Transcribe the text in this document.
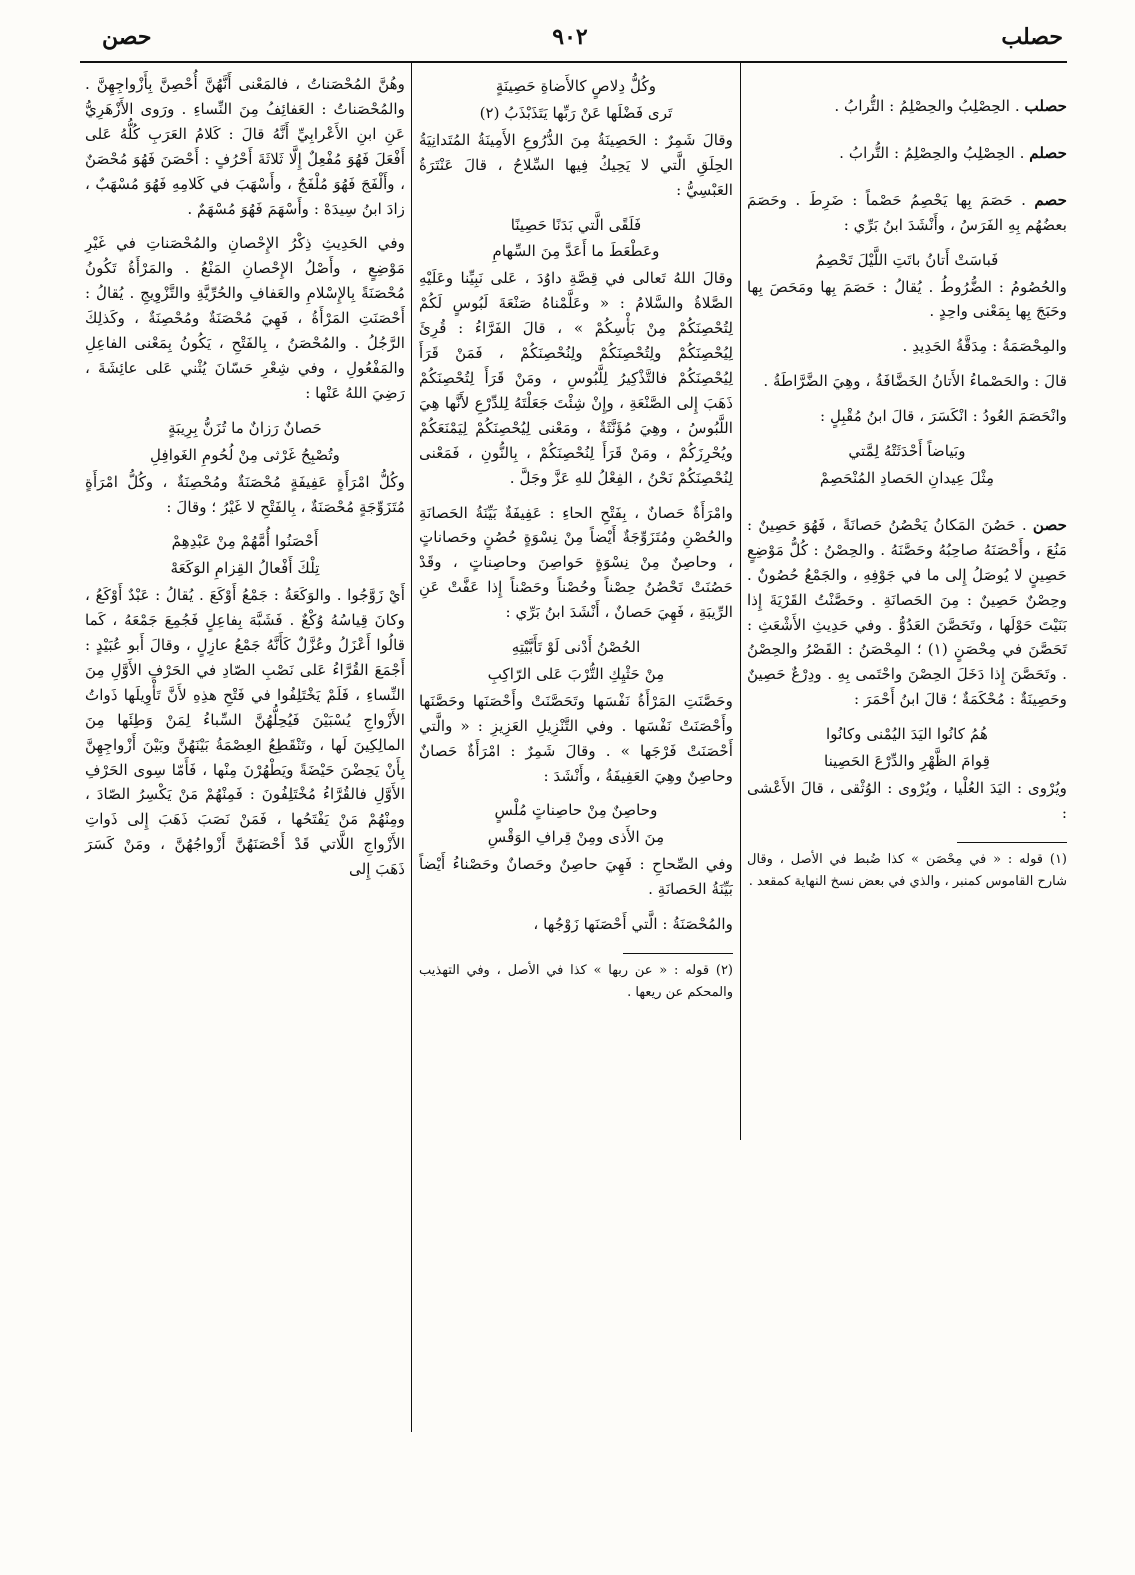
حصلب
٩٠٢
حصن
حصلب . الحِصْلِبُ والحِصْلِمُ : التُّرابُ .
حصلم . الحِصْلِبُ والحِصْلِمُ : التُّرابُ .
حصم . حَصَمَ بِها يَحْصِمُ حَصْماً : ضَرِطَ . وحَصَمَ بعضُهُم بِهِ الفَرَسُ ، وأَنْشَدَ ابنُ بَرِّي :
فَباسَتْ أَتانُ باتَتِ اللَّيْلَ تَحْصِمُ
والحُصُومُ : الضُّرُوطُ . يُقالُ : حَصَمَ بِها ومَحَصَ بِها وحَبَجَ بِها بِمَعْنى واحِدٍ .
والمِحْصَمَةُ : مِدَقَّةُ الحَدِيدِ .
قالَ : والحَصْماءُ الأَتانُ الخَضَّافَةُ ، وهِيَ الضَّرَّاطَةُ .
وانْحَصَمَ العُودُ : انْكَسَرَ ، قالَ ابنُ مُقْبِلٍ :
وبَياضاً أَحْدَثَتْهُ لِمَّتي
مِثْلَ عِيدانِ الحَصادِ المُنْحَصِمْ
حصن . حَصُنَ المَكانُ يَحْصُنُ حَصانَةً ، فَهُوَ حَصِينٌ : مَنُعَ ، وأَحْصَنَهُ صاحِبُهُ وحَصَّنَهُ . والحِصْنُ : كُلُّ مَوْضِعٍ حَصِينٍ لا يُوصَلُ إِلى ما في جَوْفِهِ ، والجَمْعُ حُصُونٌ . وحِصْنٌ حَصِينٌ : مِنَ الحَصانَةِ . وحَصَّنْتُ القَرْيَةَ إِذا بَنَيْتَ حَوْلَها ، وتَحَصَّنَ العَدُوُّ . وفي حَدِيثِ الأَشْعَثِ : تَحَصَّنَ في مِحْصَنٍ (١) ؛ المِحْصَنُ : القَصْرُ والحِصْنُ . وتَحَصَّنَ إِذا دَخَلَ الحِصْنَ واحْتَمى بِهِ . ودِرْعٌ حَصِينٌ وحَصِينَةٌ : مُحْكَمَةٌ ؛ قالَ ابنُ أَحْمَرَ :
هُمُ كانُوا اليَدَ اليُمْنى وكانُوا
قِوامَ الظَّهْرِ والدِّرْعَ الحَصِينا
ويُرْوى : اليَدَ العُلْيا ، ويُرْوى : الوُثْقى ، قالَ الأَعْشى :
(١) قوله : « في مِحْصَن » كذا ضُبط في الأصل ، وقال شارح القاموس كمنبر ، والذي في بعض نسخ النهاية كمقعد .
وكُلُّ دِلاصٍ كالأَضاةِ حَصِينَةٍ
تَرى فَضْلَها عَنْ رَبِّها يَتَذَبْذَبُ (٢)
وقالَ شَمِرٌ : الحَصِينَةُ مِنَ الدُّرُوعِ الأَمِينَةُ المُتَدانِيَةُ الحِلَقِ الَّتي لا يَحِيكُ فِيها السِّلاحُ ، قالَ عَنْتَرَةُ العَبْسِيُّ :
فَلَقًى الَّتي بَدَنًا حَصِينًا
وعَطْعَطَ ما أَعَدَّ مِنَ السِّهامِ
وقالَ اللهُ تَعالى في قِصَّةِ داوُدَ ، عَلى نَبِيِّنا وعَلَيْهِ الصَّلاةُ والسَّلامُ : « وعَلَّمْناهُ صَنْعَةَ لَبُوسٍ لَكُمْ لِتُحْصِنَكُمْ مِنْ بَأْسِكُمْ » ، قالَ الفَرَّاءُ : قُرِئَ لِيُحْصِنَكُمْ ولِتُحْصِنَكُمْ ولِنُحْصِنَكُمْ ، فَمَنْ قَرَأَ لِيُحْصِنَكُمْ فالتَّذْكِيرُ لِلَّبُوسِ ، ومَنْ قَرَأَ لِتُحْصِنَكُمْ ذَهَبَ إِلى الصَّنْعَةِ ، وإِنْ شِئْتَ جَعَلْتَهُ لِلدِّرْعِ لأَنَّها هِيَ اللَّبُوسُ ، وهِيَ مُؤَنَّثَةٌ ، ومَعْنى لِيُحْصِنَكُمْ لِيَمْنَعَكُمْ ويُحْرِزَكُمْ ، ومَنْ قَرَأَ لِنُحْصِنَكُمْ ، بِالنُّونِ ، فَمَعْنى لِنُحْصِنَكُمْ نَحْنُ ، الفِعْلُ للهِ عَزَّ وجَلَّ .
وامْرَأَةٌ حَصانٌ ، بِفَتْحِ الحاءِ : عَفِيفَةٌ بَيِّنَةُ الحَصانَةِ والحُصْنِ ومُتَزَوِّجَةٌ أَيْضاً مِنْ نِسْوَةٍ حُصُنٍ وحَصاناتٍ ، وحاصِنٌ مِنْ نِسْوَةٍ حَواصِنَ وحاصِناتٍ ، وقَدْ حَصُنَتْ تَحْصُنُ حِصْناً وحُصْناً وحَصْناً إِذا عَفَّتْ عَنِ الرِّيبَةِ ، فَهِيَ حَصانٌ ، أَنْشَدَ ابنُ بَرِّي :
الحُصْنُ أَدْنى لَوْ تَأَبَّيْتِهِ
مِنْ حَثْيِكِ التُّرْبَ عَلى الرّاكِبِ
وحَصَّنَتِ المَرْأَةُ نَفْسَها وتَحَصَّنَتْ وأَحْصَنَها وحَصَّنَها وأَحْصَنَتْ نَفْسَها . وفي التَّنْزِيلِ العَزِيزِ : « والَّتي أَحْصَنَتْ فَرْجَها » . وقالَ شَمِرٌ : امْرَأَةٌ حَصانٌ وحاصِنٌ وهِيَ العَفِيفَةُ ، وأَنْشَدَ :
وحاصِنٌ مِنْ حاصِناتٍ مُلْسٍ
مِنَ الأَذى ومِنْ قِرافِ الوَقْسِ
وفي الصِّحاحِ : فَهِيَ حاصِنٌ وحَصانٌ وحَصْناءُ أَيْضاً بَيِّنَةُ الحَصانَةِ .
والمُحْصَنَةُ : الَّتي أَحْصَنَها زَوْجُها ،
(٢) قوله : « عن ربها » كذا في الأصل ، وفي التهذيب والمحكم عن ريعها .
وهُنَّ المُحْصَناتُ ، فالمَعْنى أَنَّهُنَّ أُحْصِنَّ بِأَزْواجِهِنَّ . والمُحْصَناتُ : العَفائِفُ مِنَ النِّساءِ . ورَوى الأَزْهَرِيُّ عَنِ ابنِ الأَعْرابِيِّ أَنَّهُ قالَ : كَلامُ العَرَبِ كُلُّهُ عَلى أَفْعَلَ فَهُوَ مُفْعِلٌ إِلَّا ثَلاثَةَ أَحْرُفٍ : أَحْصَنَ فَهُوَ مُحْصَنٌ ، وأَلْفَجَ فَهُوَ مُلْفَجٌ ، وأَسْهَبَ في كَلامِهِ فَهُوَ مُسْهَبٌ ، زادَ ابنُ سِيدَهْ : وأَسْهَمَ فَهُوَ مُسْهَمٌ .
وفي الحَدِيثِ ذِكْرُ الإِحْصانِ والمُحْصَناتِ في غَيْرِ مَوْضِعٍ ، وأَصْلُ الإِحْصانِ المَنْعُ . والمَرْأَةُ تَكُونُ مُحْصَنَةً بِالإِسْلامِ والعَفافِ والحُرِّيَّةِ والتَّزْوِيجِ . يُقالُ : أَحْصَنَتِ المَرْأَةُ ، فَهِيَ مُحْصَنَةٌ ومُحْصِنَةٌ ، وكَذلِكَ الرَّجُلُ . والمُحْصَنُ ، بِالفَتْحِ ، يَكُونُ بِمَعْنى الفاعِلِ والمَفْعُولِ ، وفي شِعْرِ حَسّانَ يُثْني عَلى عائِشَةَ ، رَضِيَ اللهُ عَنْها :
حَصانٌ رَزانٌ ما تُزَنُّ بِرِيبَةٍ
وتُصْبِحُ غَرْثى مِنْ لُحُومِ الغَوافِلِ
وكُلُّ امْرَأَةٍ عَفِيفَةٍ مُحْصَنَةٌ ومُحْصِنَةٌ ، وكُلُّ امْرَأَةٍ مُتَزَوِّجَةٍ مُحْصَنَةٌ ، بِالفَتْحِ لا غَيْرُ ؛ وقالَ :
أَحْصَنُوا أُمَّهُمْ مِنْ عَبْدِهِمْ
تِلْكَ أَفْعالُ القِزامِ الوَكَعَهْ
أَيْ زَوَّجُوا . والوَكَعَةُ : جَمْعُ أَوْكَعَ . يُقالُ : عَبْدٌ أَوْكَعُ ، وكانَ قِياسُهُ وُكْعٌ . فَشَبَّهَ بِفاعِلٍ فَجُمِعَ جَمْعَهُ ، كَما قالُوا أَعْزَلُ وعُزَّلٌ كَأَنَّهُ جَمْعُ عازِلٍ ، وقالَ أَبو عُبَيْدٍ : أَجْمَعَ القُرَّاءُ عَلى نَصْبِ الصّادِ في الحَرْفِ الأَوَّلِ مِنَ النِّساءِ ، فَلَمْ يَخْتَلِفُوا في فَتْحِ هذِهِ لأَنَّ تَأْوِيلَها ذَواتُ الأَزْواجِ يُسْبَيْنَ فَيُحِلُّهُنَّ السِّباءُ لِمَنْ وَطِئَها مِنَ المالِكِينَ لَها ، وتَنْقَطِعُ العِصْمَةُ بَيْنَهُنَّ وبَيْنَ أَزْواجِهِنَّ بِأَنْ يَحِضْنَ حَيْضَةً ويَطْهُرْنَ مِنْها ، فَأَمّا سِوى الحَرْفِ الأَوَّلِ فالقُرَّاءُ مُخْتَلِفُونَ : فَمِنْهُمْ مَنْ يَكْسِرُ الصّادَ ، ومِنْهُمْ مَنْ يَفْتَحُها ، فَمَنْ نَصَبَ ذَهَبَ إِلى ذَواتِ الأَزْواجِ اللَّاتي قَدْ أَحْصَنَهُنَّ أَزْواجُهُنَّ ، ومَنْ كَسَرَ ذَهَبَ إِلى
